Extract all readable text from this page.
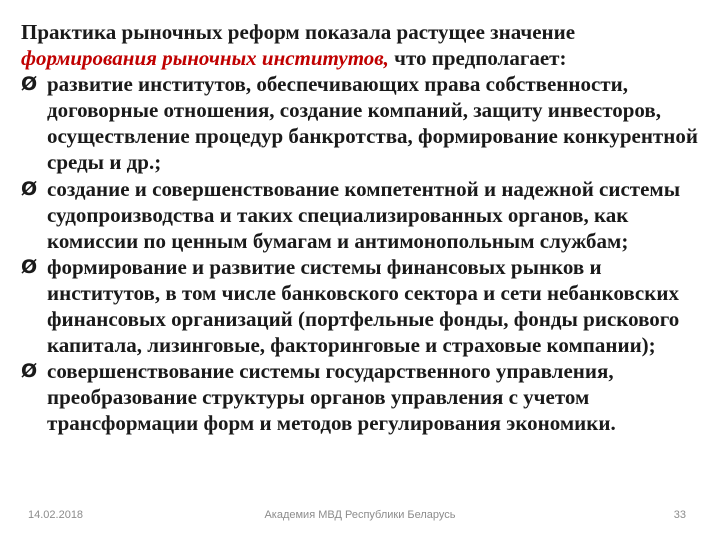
Практика рыночных реформ показала растущее значение формирования рыночных институтов, что предполагает:

Ø развитие институтов, обеспечивающих права собственности, договорные отношения, создание компаний, защиту инвесторов, осуществление процедур банкротства, формирование конкурентной среды и др.;
Ø создание и совершенствование компетентной и надежной системы судопроизводства и таких специализированных органов, как комиссии по ценным бумагам и антимонопольным службам;
Ø формирование и развитие системы финансовых рынков и институтов, в том числе банковского сектора и сети небанковских финансовых организаций (портфельные фонды, фонды рискового капитала, лизинговые, факторинговые и страховые компании);
Ø совершенствование системы государственного управления, преобразование структуры органов управления с учетом трансформации форм и методов регулирования экономики.
14.02.2018	Академия МВД Республики Беларусь	33
